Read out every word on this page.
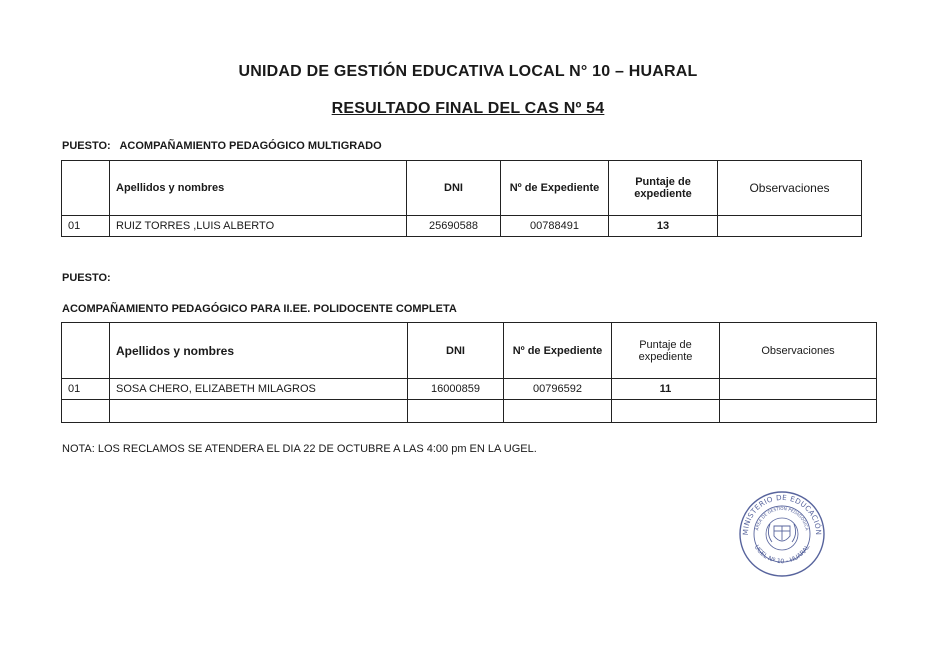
UNIDAD DE GESTIÓN EDUCATIVA LOCAL N° 10 – HUARAL
RESULTADO FINAL DEL CAS Nº 54
PUESTO: ACOMPAÑAMIENTO PEDAGÓGICO MULTIGRADO
	Apellidos y nombres	DNI	Nº de Expediente	Puntaje de expediente	Observaciones
01	RUIZ TORRES ,LUIS ALBERTO	25690588	00788491	13	
PUESTO:
ACOMPAÑAMIENTO PEDAGÓGICO PARA II.EE. POLIDOCENTE COMPLETA
	Apellidos y nombres	DNI	Nº de Expediente	Puntaje de expediente	Observaciones
01	SOSA CHERO, ELIZABETH MILAGROS	16000859	00796592	11	

NOTA: LOS RECLAMOS SE ATENDERA EL DIA 22 DE OCTUBRE A LAS 4:00 pm EN LA UGEL.
MINISTERIO DE EDUCACIÓN
ÁREA DE GESTIÓN PEDAGÓGICA
UGEL Nº 10 - HUARAL
